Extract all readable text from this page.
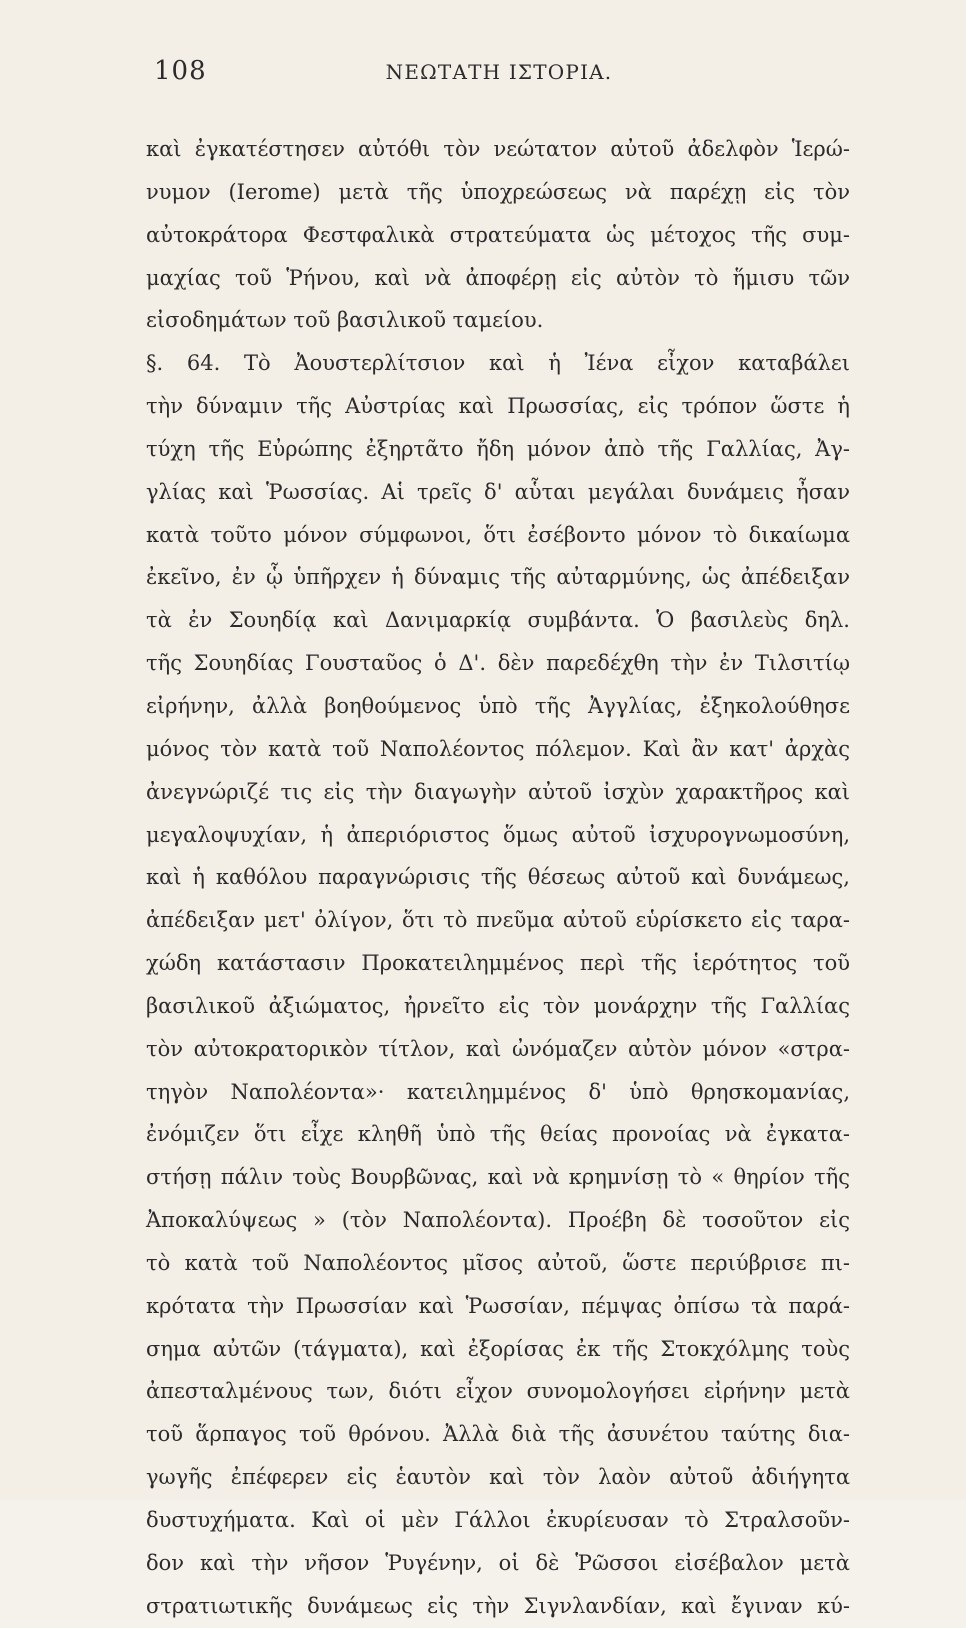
108	ΝΕΩΤΑΤΗ ΙΣΤΟΡΙΑ.
καὶ ἐγκατέστησεν αὐτόθι τὸν νεώτατον αὐτοῦ ἀδελφὸν Ἱερώ-
νυμον (Ierome) μετὰ τῆς ὑποχρεώσεως νὰ παρέχῃ εἰς τὸν
αὐτοκράτορα Φεστφαλικὰ στρατεύματα ὡς μέτοχος τῆς συμ-
μαχίας τοῦ Ῥήνου, καὶ νὰ ἀποφέρῃ εἰς αὐτὸν τὸ ἥμισυ τῶν
εἰσοδημάτων τοῦ βασιλικοῦ ταμείου.
§. 64. Τὸ Ἀουστερλίτσιον καὶ ἡ Ἰένα εἶχον καταβάλει
τὴν δύναμιν τῆς Αὐστρίας καὶ Πρωσσίας, εἰς τρόπον ὥστε ἡ
τύχη τῆς Εὐρώπης ἐξηρτᾶτο ἤδη μόνον ἀπὸ τῆς Γαλλίας, Ἀγ-
γλίας καὶ Ῥωσσίας. Αἱ τρεῖς δ' αὗται μεγάλαι δυνάμεις ἦσαν
κατὰ τοῦτο μόνον σύμφωνοι, ὅτι ἐσέβοντο μόνον τὸ δικαίωμα
ἐκεῖνο, ἐν ᾧ ὑπῆρχεν ἡ δύναμις τῆς αὐταρμύνης, ὡς ἀπέδειξαν
τὰ ἐν Σουηδίᾳ καὶ Δανιμαρκίᾳ συμβάντα. Ὁ βασιλεὺς δηλ.
τῆς Σουηδίας Γουσταῦος ὁ Δ'. δὲν παρεδέχθη τὴν ἐν Τιλσιτίῳ
εἰρήνην, ἀλλὰ βοηθούμενος ὑπὸ τῆς Ἀγγλίας, ἐξηκολούθησε
μόνος τὸν κατὰ τοῦ Ναπολέοντος πόλεμον. Καὶ ἂν κατ' ἀρχὰς
ἀνεγνώριζέ τις εἰς τὴν διαγωγὴν αὐτοῦ ἰσχὺν χαρακτῆρος καὶ
μεγαλοψυχίαν, ἡ ἀπεριόριστος ὅμως αὐτοῦ ἰσχυρογνωμοσύνη,
καὶ ἡ καθόλου παραγνώρισις τῆς θέσεως αὐτοῦ καὶ δυνάμεως,
ἀπέδειξαν μετ' ὀλίγον, ὅτι τὸ πνεῦμα αὐτοῦ εὑρίσκετο εἰς ταρα-
χώδη κατάστασιν Προκατειλημμένος περὶ τῆς ἱερότητος τοῦ
βασιλικοῦ ἀξιώματος, ἠρνεῖτο εἰς τὸν μονάρχην τῆς Γαλλίας
τὸν αὐτοκρατορικὸν τίτλον, καὶ ὠνόμαζεν αὐτὸν μόνον «στρα-
τηγὸν Ναπολέοντα»· κατειλημμένος δ' ὑπὸ θρησκομανίας,
ἐνόμιζεν ὅτι εἶχε κληθῆ ὑπὸ τῆς θείας προνοίας νὰ ἐγκατα-
στήσῃ πάλιν τοὺς Βουρβῶνας, καὶ νὰ κρημνίσῃ τὸ « θηρίον τῆς
Ἀποκαλύψεως » (τὸν Ναπολέοντα). Προέβη δὲ τοσοῦτον εἰς
τὸ κατὰ τοῦ Ναπολέοντος μῖσος αὐτοῦ, ὥστε περιύβρισε πι-
κρότατα τὴν Πρωσσίαν καὶ Ῥωσσίαν, πέμψας ὀπίσω τὰ παρά-
σημα αὐτῶν (τάγματα), καὶ ἐξορίσας ἐκ τῆς Στοκχόλμης τοὺς
ἀπεσταλμένους των, διότι εἶχον συνομολογήσει εἰρήνην μετὰ
τοῦ ἅρπαγος τοῦ θρόνου. Ἀλλὰ διὰ τῆς ἀσυνέτου ταύτης δια-
γωγῆς ἐπέφερεν εἰς ἑαυτὸν καὶ τὸν λαὸν αὐτοῦ ἀδιήγητα
δυστυχήματα. Καὶ οἱ μὲν Γάλλοι ἐκυρίευσαν τὸ Στραλσοῦν-
δον καὶ τὴν νῆσον Ῥυγένην, οἱ δὲ Ῥῶσσοι εἰσέβαλον μετὰ
στρατιωτικῆς δυνάμεως εἰς τὴν Σιγνλανδίαν, καὶ ἔγιναν κύ-
